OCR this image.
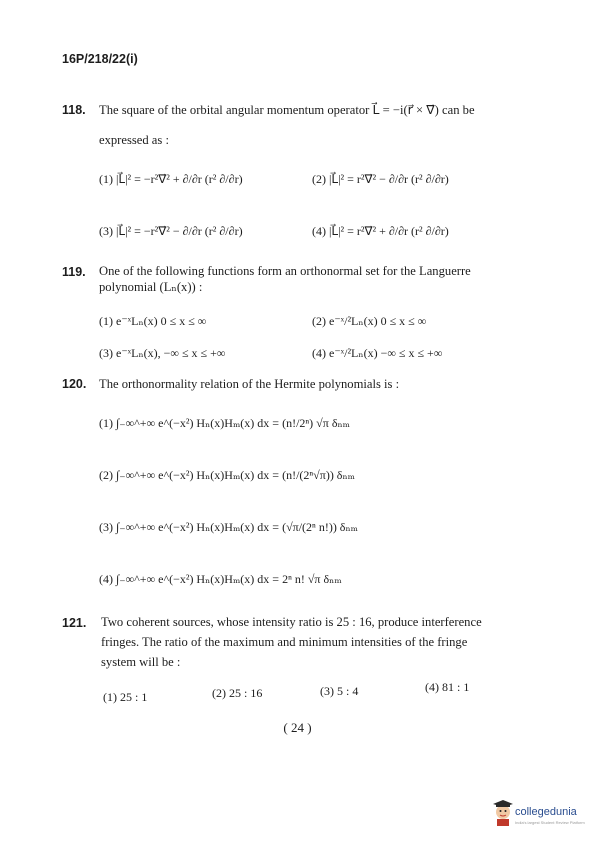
16P/218/22(i)
118. The square of the orbital angular momentum operator L⃗ = −i(r⃗ × ∇⃗) can be
expressed as :
(1) |L⃗|² = −r²∇⃗² + ∂/∂r (r² ∂/∂r)	(2) |L⃗|² = r²∇⃗² − ∂/∂r (r² ∂/∂r)
(3) |L⃗|² = −r²∇⃗² − ∂/∂r (r² ∂/∂r)	(4) |L⃗|² = r²∇⃗² + ∂/∂r (r² ∂/∂r)
119. One of the following functions form an orthonormal set for the Languerre
polynomial (Lₙ(x)) :
(1) e⁻ˣLₙ(x) 0 ≤ x ≤ ∞	(2) e⁻ˣ/²Lₙ(x) 0 ≤ x ≤ ∞
(3) e⁻ˣLₙ(x), −∞ ≤ x ≤ +∞	(4) e⁻ˣ/²Lₙ(x) −∞ ≤ x ≤ +∞
120. The orthonormality relation of the Hermite polynomials is :
(1) ∫₋∞^+∞ e^(−x²) Hₙ(x)Hₘ(x) dx = (n!/2ⁿ) √π δₙₘ
(2) ∫₋∞^+∞ e^(−x²) Hₙ(x)Hₘ(x) dx = (n!/(2ⁿ√π)) δₙₘ
(3) ∫₋∞^+∞ e^(−x²) Hₙ(x)Hₘ(x) dx = (√π/(2ⁿ n!)) δₙₘ
(4) ∫₋∞^+∞ e^(−x²) Hₙ(x)Hₘ(x) dx = 2ⁿ n! √π δₙₘ
121. Two coherent sources, whose intensity ratio is 25 : 16, produce interference
fringes. The ratio of the maximum and minimum intensities of the fringe
system will be :
(1) 25 : 1	(2) 25 : 16	(3) 5 : 4	(4) 81 : 1
( 24 )
collegedunia
India's largest Student Review Platform
